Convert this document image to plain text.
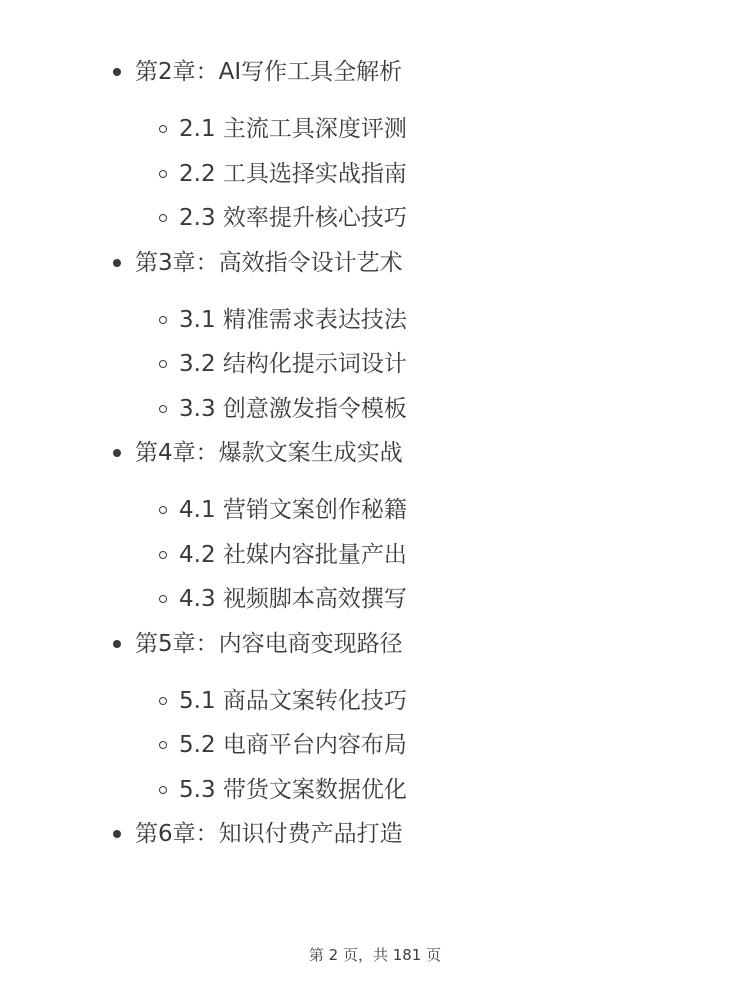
第2章：AI写作工具全解析
2.1 主流工具深度评测
2.2 工具选择实战指南
2.3 效率提升核心技巧
第3章：高效指令设计艺术
3.1 精准需求表达技法
3.2 结构化提示词设计
3.3 创意激发指令模板
第4章：爆款文案生成实战
4.1 营销文案创作秘籍
4.2 社媒内容批量产出
4.3 视频脚本高效撰写
第5章：内容电商变现路径
5.1 商品文案转化技巧
5.2 电商平台内容布局
5.3 带货文案数据优化
第6章：知识付费产品打造
第 2 页，共 181 页
